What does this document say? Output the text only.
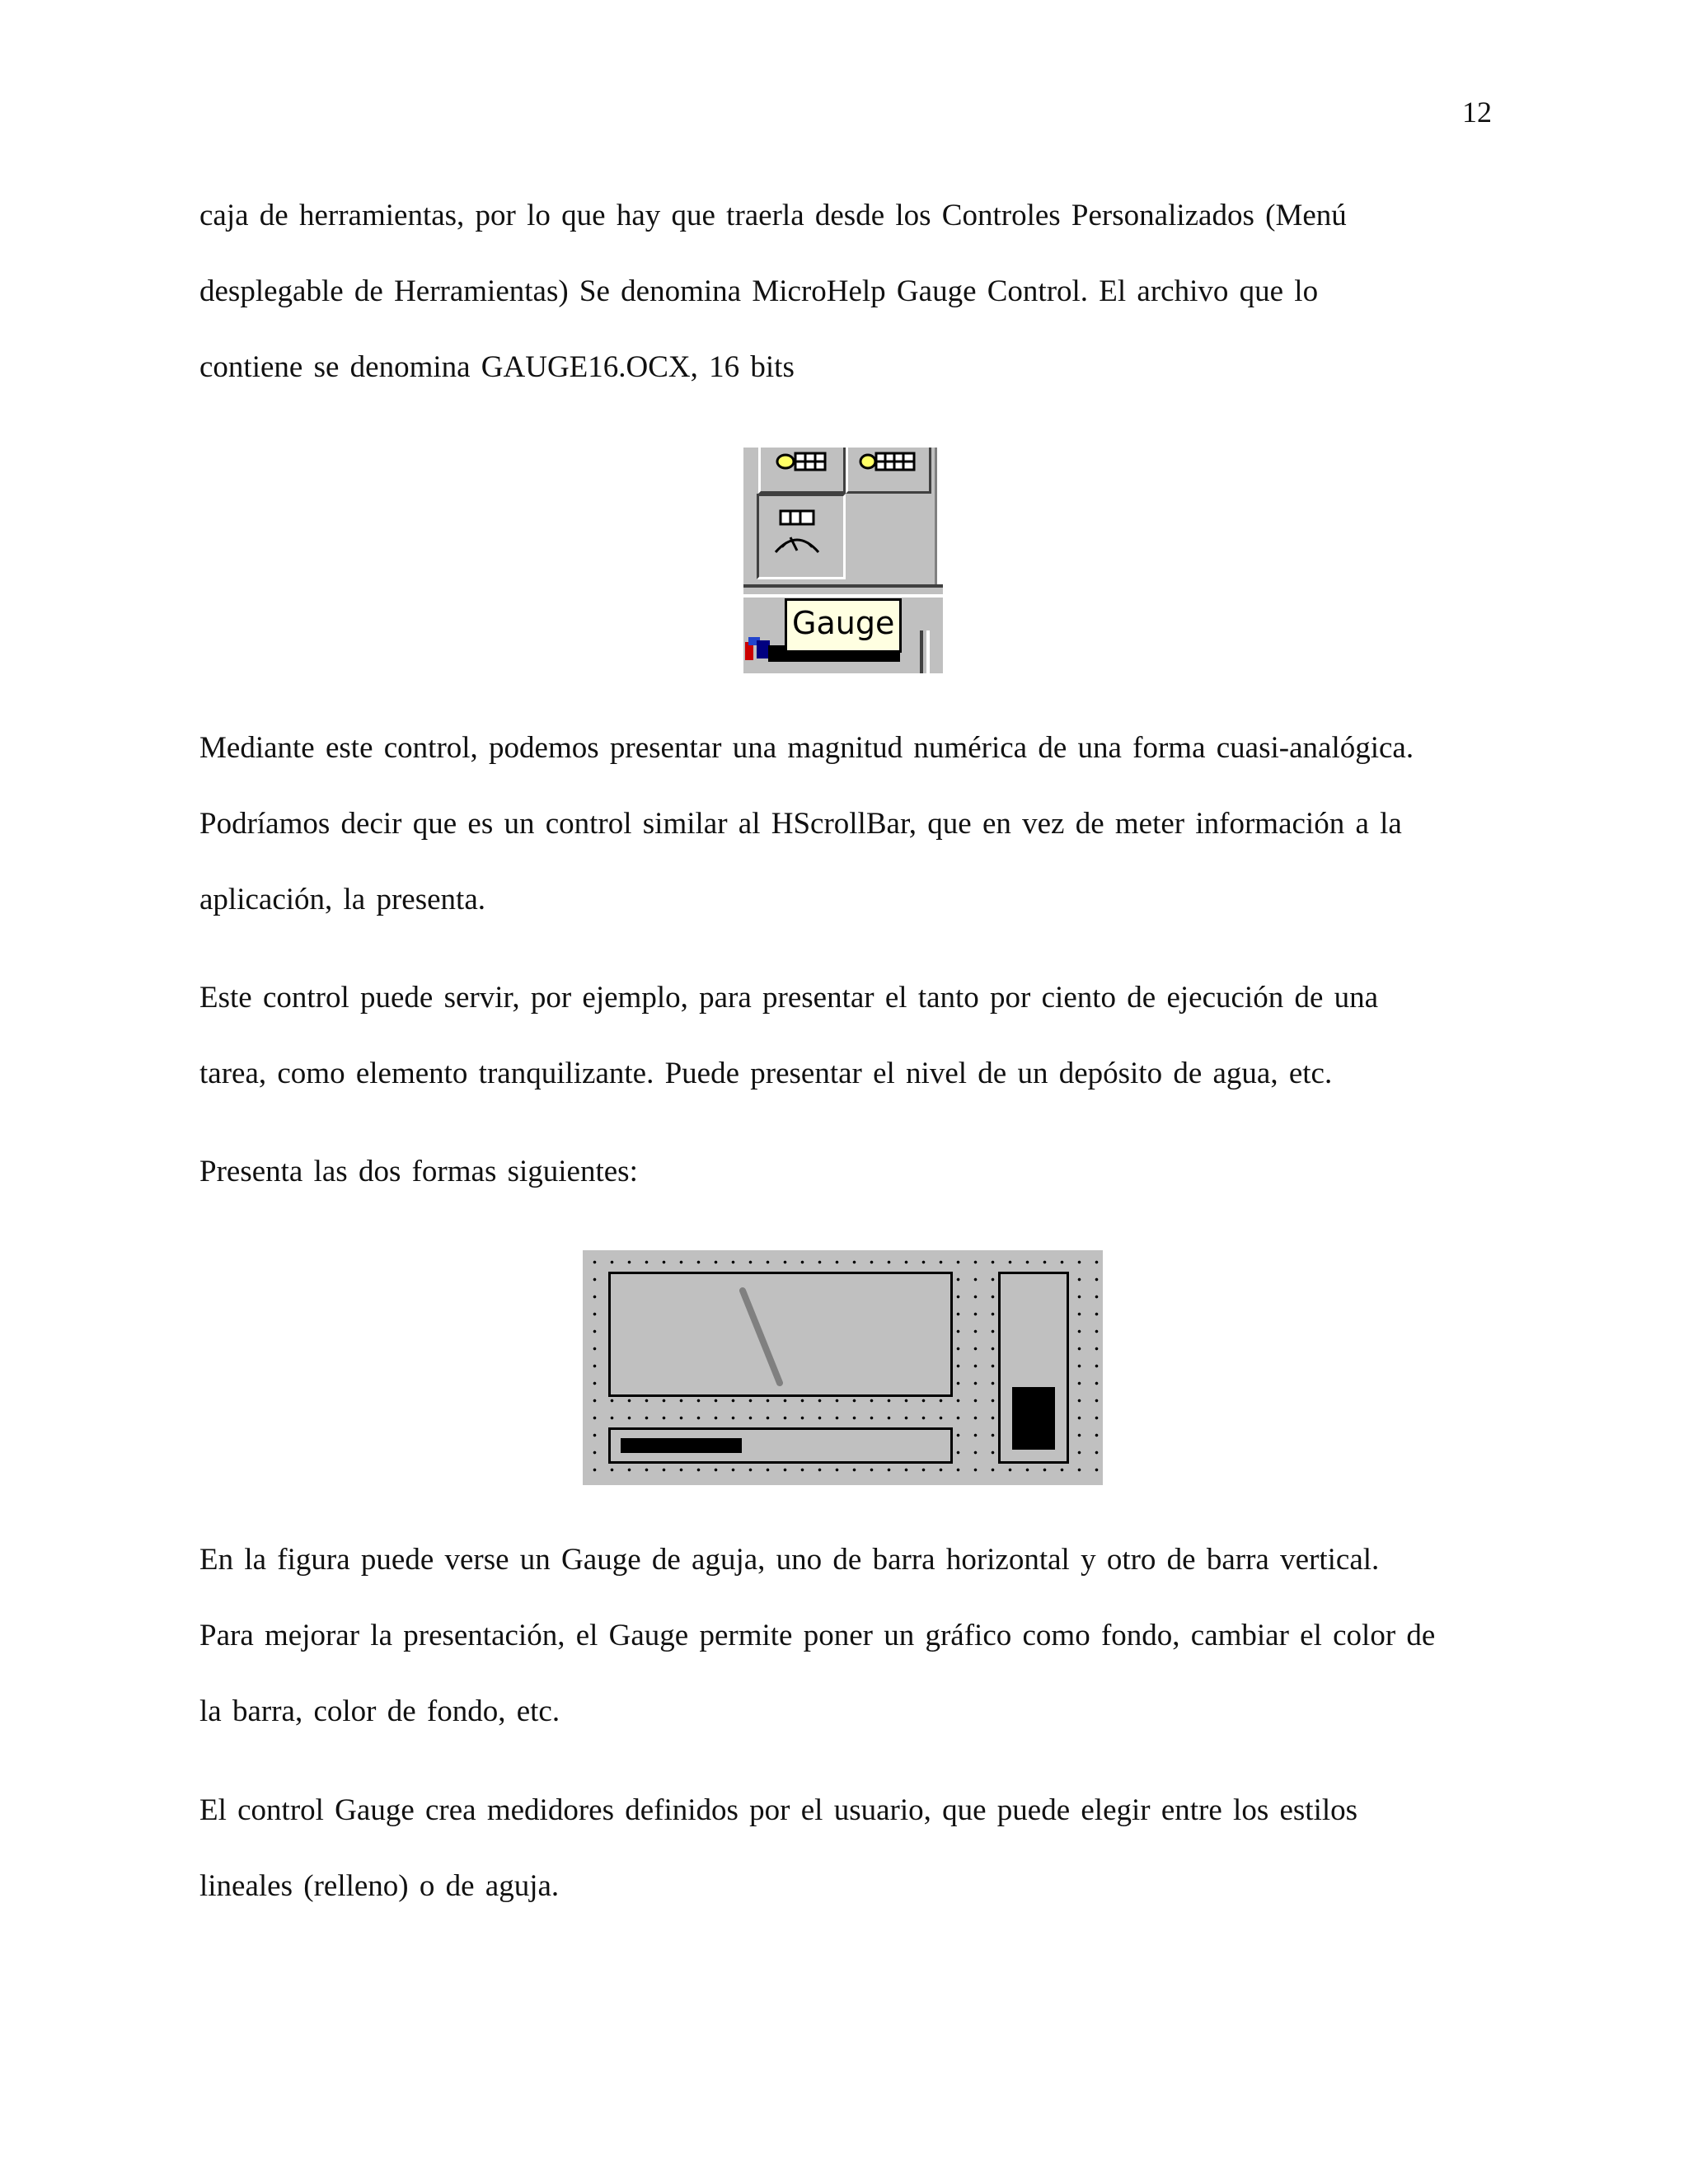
12

caja de herramientas, por lo que hay que traerla desde los Controles Personalizados (Menú
desplegable de Herramientas) Se denomina MicroHelp Gauge Control. El archivo que lo
contiene se denomina GAUGE16.OCX, 16 bits

Gauge

Mediante este control, podemos presentar una magnitud numérica de una forma cuasi-analógica.
Podríamos decir que es un control similar al HScrollBar, que en vez de meter información a la
aplicación, la presenta.

Este control puede servir, por ejemplo, para presentar el tanto por ciento de ejecución de una
tarea, como elemento tranquilizante. Puede presentar el nivel de un depósito de agua, etc.

Presenta las dos formas siguientes:

En la figura puede verse un Gauge de aguja, uno de barra horizontal y otro de barra vertical.
Para mejorar la presentación, el Gauge permite poner un gráfico como fondo, cambiar el color de
la barra, color de fondo, etc.

El control Gauge crea medidores definidos por el usuario, que puede elegir entre los estilos
lineales (relleno) o de aguja.
